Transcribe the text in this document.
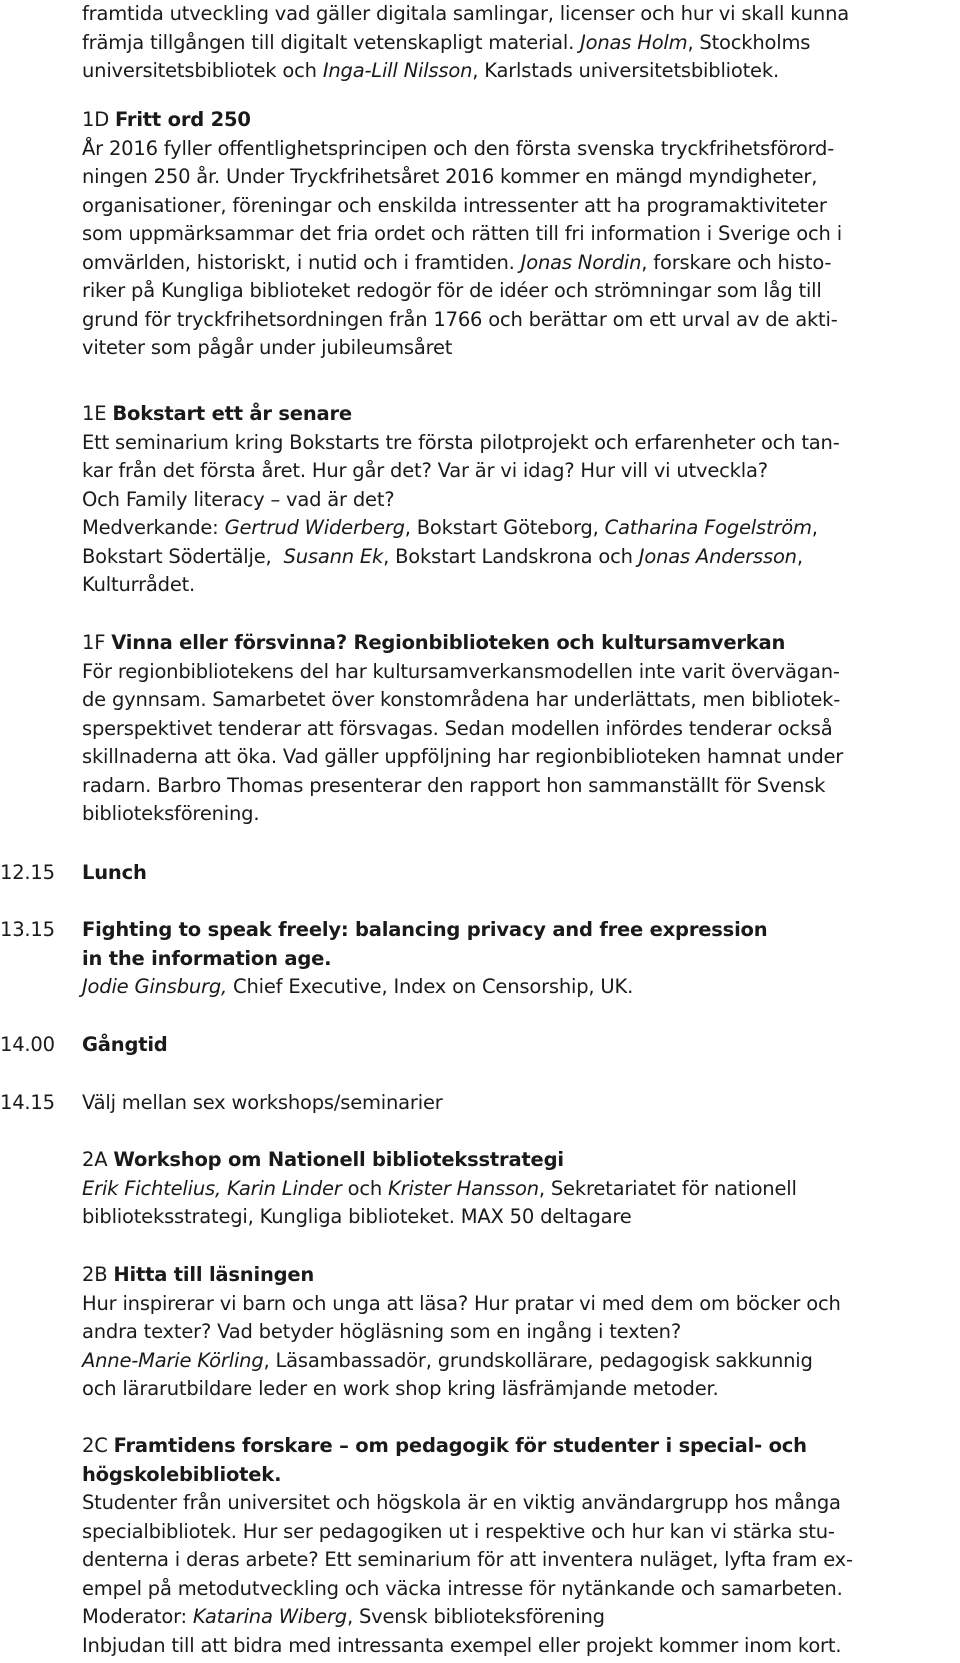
framtida utveckling vad gäller digitala samlingar, licenser och hur vi skall kunna
främja tillgången till digitalt vetenskapligt material. Jonas Holm, Stockholms
universitetsbibliotek och Inga-Lill Nilsson, Karlstads universitetsbibliotek.
1D Fritt ord 250
År 2016 fyller offentlighetsprincipen och den första svenska tryckfrihetsförord-
ningen 250 år. Under Tryckfrihetsåret 2016 kommer en mängd myndigheter,
organisationer, föreningar och enskilda intressenter att ha programaktiviteter
som uppmärksammar det fria ordet och rätten till fri information i Sverige och i
omvärlden, historiskt, i nutid och i framtiden. Jonas Nordin, forskare och histo-
riker på Kungliga biblioteket redogör för de idéer och strömningar som låg till
grund för tryckfrihetsordningen från 1766 och berättar om ett urval av de akti-
viteter som pågår under jubileumsåret
1E Bokstart ett år senare
Ett seminarium kring Bokstarts tre första pilotprojekt och erfarenheter och tan-
kar från det första året. Hur går det? Var är vi idag? Hur vill vi utveckla?
Och Family literacy – vad är det?
Medverkande: Gertrud Widerberg, Bokstart Göteborg, Catharina Fogelström,
Bokstart Södertälje,  Susann Ek, Bokstart Landskrona och Jonas Andersson,
Kulturrådet.
1F Vinna eller försvinna? Regionbiblioteken och kultursamverkan
För regionbibliotekens del har kultursamverkansmodellen inte varit övervägan-
de gynnsam. Samarbetet över konstområdena har underlättats, men bibliotek-
sperspektivet tenderar att försvagas. Sedan modellen infördes tenderar också
skillnaderna att öka. Vad gäller uppföljning har regionbiblioteken hamnat under
radarn. Barbro Thomas presenterar den rapport hon sammanställt för Svensk
biblioteksförening.
12.15	Lunch
13.15	Fighting to speak freely: balancing privacy and free expression
in the information age.
Jodie Ginsburg, Chief Executive, Index on Censorship, UK.
14.00	Gångtid
14.15	Välj mellan sex workshops/seminarier
2A Workshop om Nationell biblioteksstrategi
Erik Fichtelius, Karin Linder och Krister Hansson, Sekretariatet för nationell
biblioteksstrategi, Kungliga biblioteket. MAX 50 deltagare
2B Hitta till läsningen
Hur inspirerar vi barn och unga att läsa? Hur pratar vi med dem om böcker och
andra texter? Vad betyder högläsning som en ingång i texten?
Anne-Marie Körling, Läsambassadör, grundskollärare, pedagogisk sakkunnig
och lärarutbildare leder en work shop kring läsfrämjande metoder.
2C Framtidens forskare – om pedagogik för studenter i special- och
högskolebibliotek.
Studenter från universitet och högskola är en viktig användargrupp hos många
specialbibliotek. Hur ser pedagogiken ut i respektive och hur kan vi stärka stu-
denterna i deras arbete? Ett seminarium för att inventera nuläget, lyfta fram ex-
empel på metodutveckling och väcka intresse för nytänkande och samarbeten.
Moderator: Katarina Wiberg, Svensk biblioteksförening
Inbjudan till att bidra med intressanta exempel eller projekt kommer inom kort.
